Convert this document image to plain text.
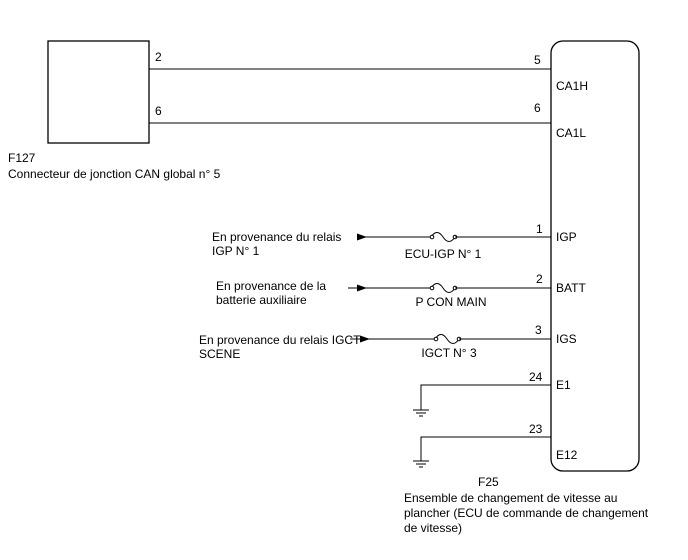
2
6
F127
Connecteur de jonction CAN global n° 5
5
CA1H
6
CA1L
En provenance du relais
IGP N° 1	ECU-IGP N° 1
1
IGP
En provenance de la
batterie auxiliaire	P CON MAIN
2
BATT
En provenance du relais IGCT
SCENE	IGCT N° 3
3
IGS
24
E1
23
E12
F25
Ensemble de changement de vitesse au
plancher (ECU de commande de changement
de vitesse)
